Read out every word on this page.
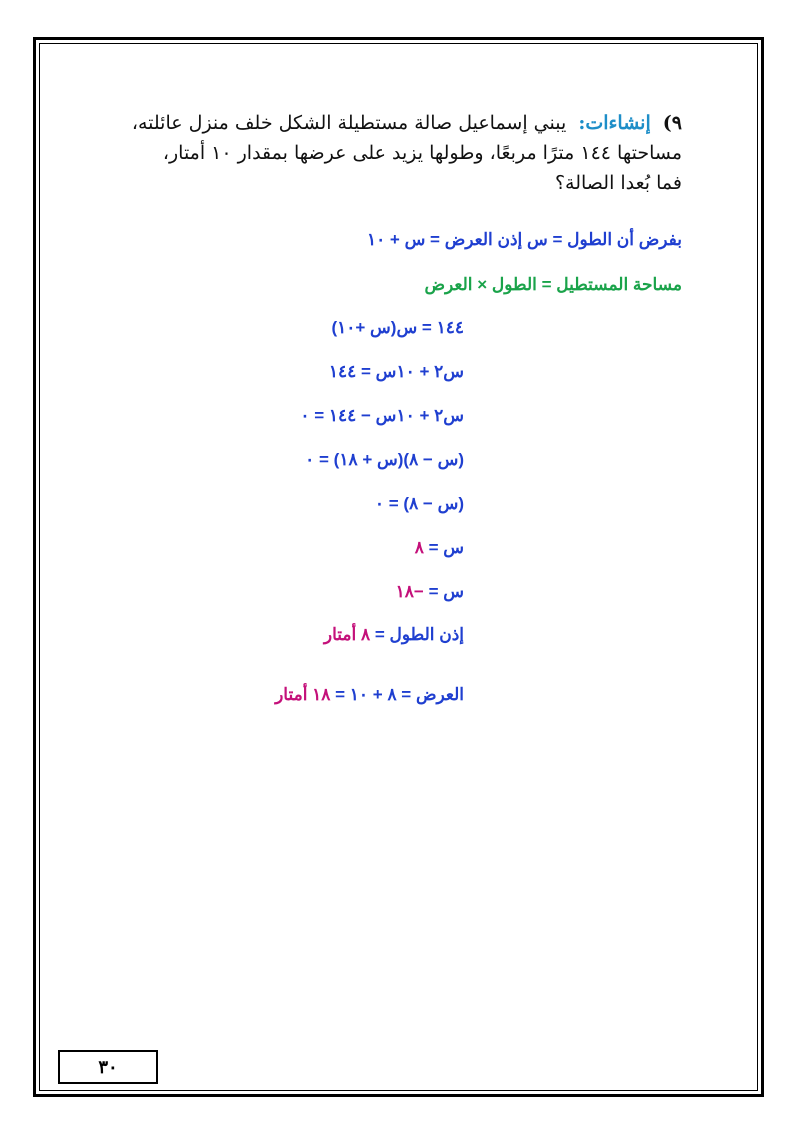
٩) إنشاءات: يبني إسماعيل صالة مستطيلة الشكل خلف منزل عائلته،
مساحتها ١٤٤ مترًا مربعًا، وطولها يزيد على عرضها بمقدار ١٠ أمتار،
فما بُعدا الصالة؟
بفرض أن الطول = س إذن العرض = س + ١٠
مساحة المستطيل = الطول × العرض
١٤٤ = س(س +١٠)
س٢ + ١٠س = ١٤٤
س٢ + ١٠س − ١٤٤ = ٠
(س − ٨)(س + ١٨) = ٠
(س − ٨) = ٠
س = ٨
س = −١٨
إذن الطول = ٨ أمتار
العرض = ٨ + ١٠ = ١٨ أمتار
٣٠
